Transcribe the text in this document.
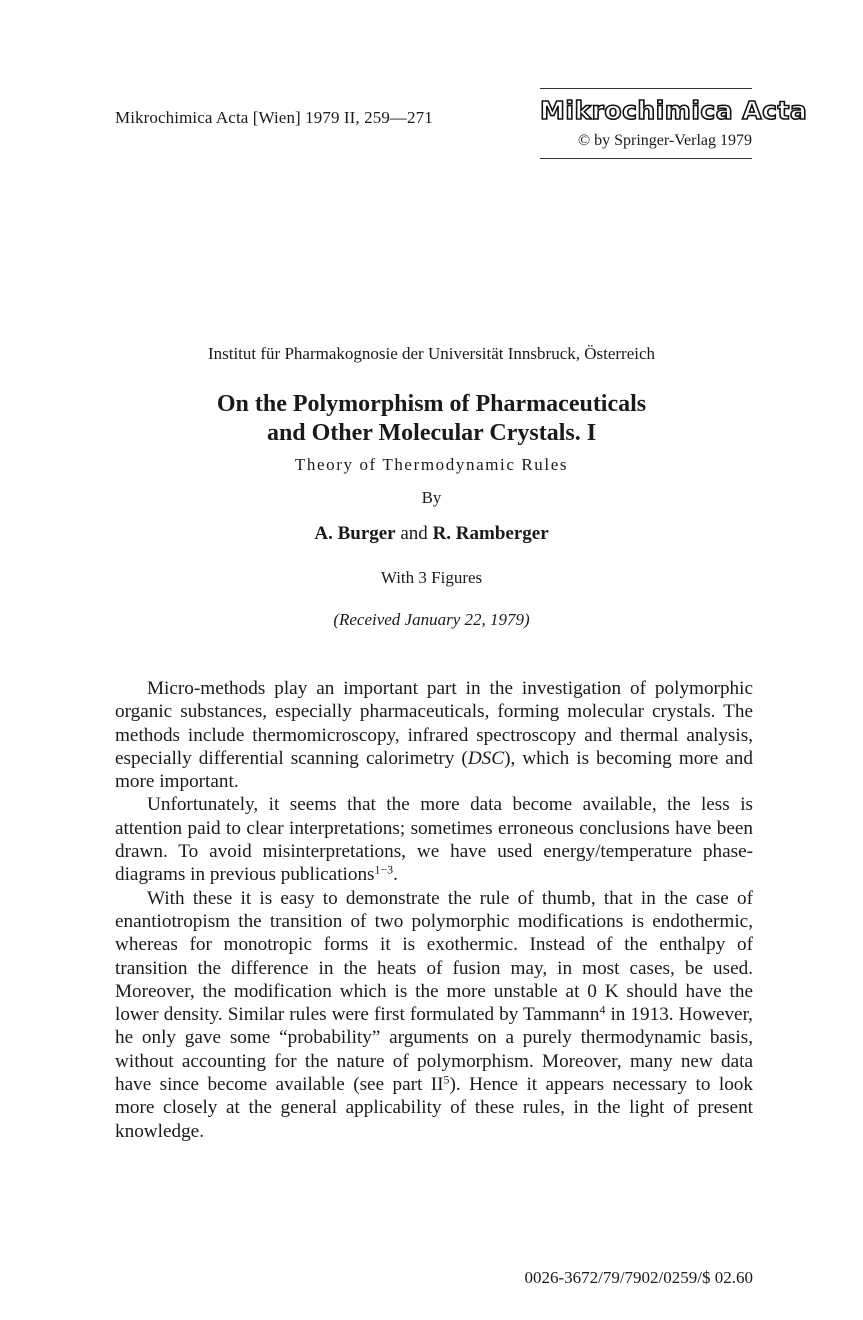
Mikrochimica Acta [Wien] 1979 II, 259—271	Mikrochimica Acta
© by Springer-Verlag 1979
Institut für Pharmakognosie der Universität Innsbruck, Österreich
On the Polymorphism of Pharmaceuticals
and Other Molecular Crystals. I
Theory of Thermodynamic Rules
By
A. Burger and R. Ramberger
With 3 Figures
(Received January 22, 1979)

Micro-methods play an important part in the investigation of polymorphic organic substances, especially pharmaceuticals, forming molecular crystals. The methods include thermomicroscopy, infrared spectroscopy and thermal analysis, especially differential scanning calorimetry (DSC), which is becoming more and more important.

Unfortunately, it seems that the more data become available, the less is attention paid to clear interpretations; sometimes erroneous conclusions have been drawn. To avoid misinterpretations, we have used energy/temperature phase-diagrams in previous publications$^{1-3}$.

With these it is easy to demonstrate the rule of thumb, that in the case of enantiotropism the transition of two polymorphic modifications is endothermic, whereas for monotropic forms it is exothermic. Instead of the enthalpy of transition the difference in the heats of fusion may, in most cases, be used. Moreover, the modification which is the more unstable at 0 K should have the lower density. Similar rules were first formulated by Tammann$^4$ in 1913. However, he only gave some “probability” arguments on a purely thermodynamic basis, without accounting for the nature of polymorphism. Moreover, many new data have since become available (see part $II^5$). Hence it appears necessary to look more closely at the general applicability of these rules, in the light of present knowledge.

0026-3672/79/7902/0259/$ 02.60
